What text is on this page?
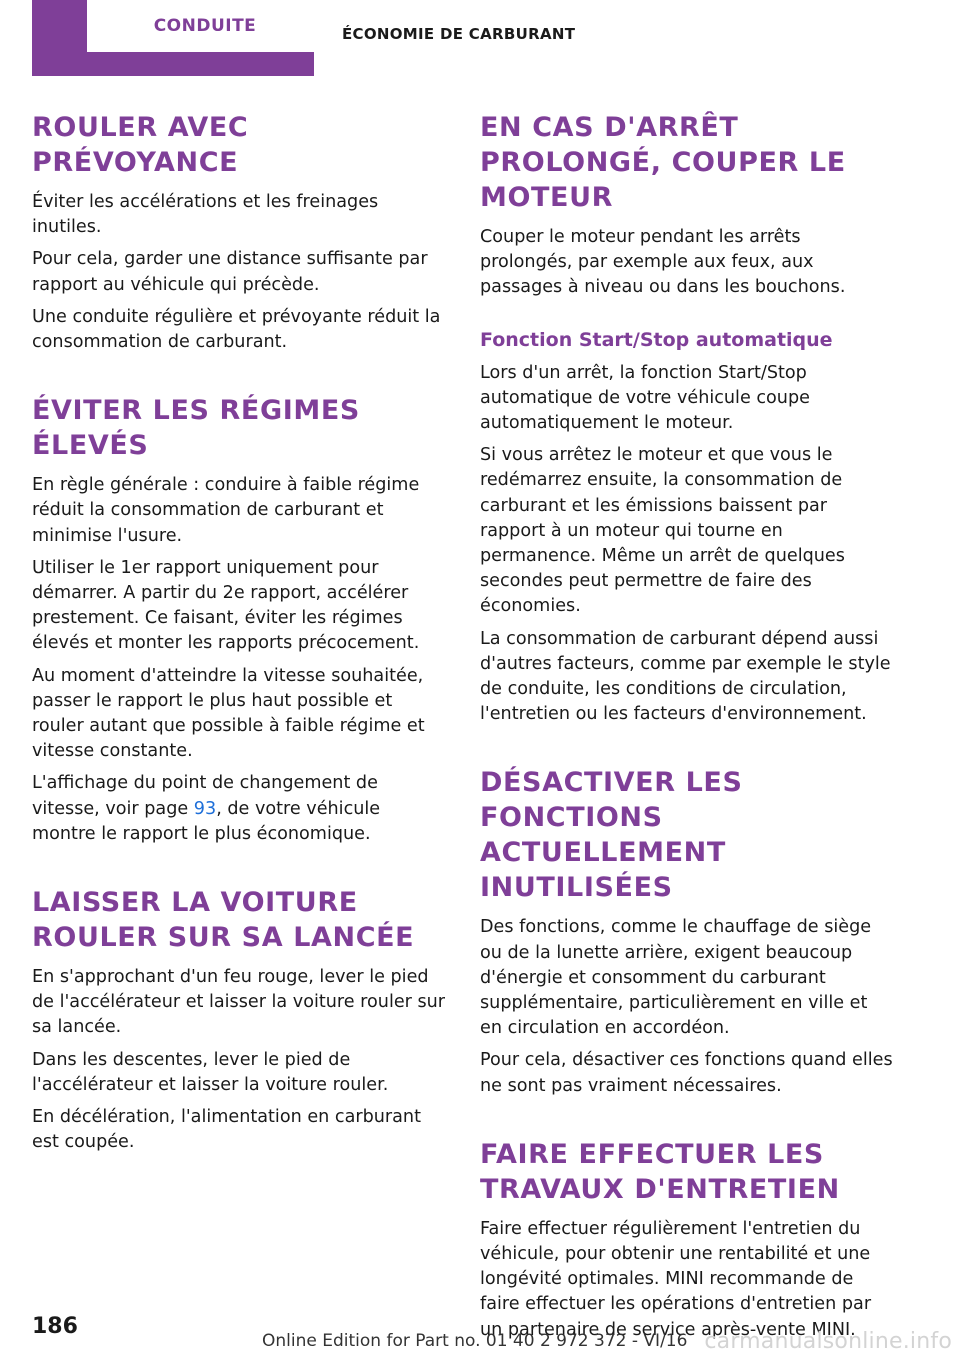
CONDUITE	ÉCONOMIE DE CARBURANT
ROULER AVEC PRÉVOYANCE

Éviter les accélérations et les freinages inutiles.

Pour cela, garder une distance suffisante par rapport au véhicule qui précède.

Une conduite régulière et prévoyante réduit la consommation de carburant.

ÉVITER LES RÉGIMES ÉLEVÉS

En règle générale : conduire à faible régime réduit la consommation de carburant et minimise l'usure.

Utiliser le 1er rapport uniquement pour démarrer. A partir du 2e rapport, accélérer prestement. Ce faisant, éviter les régimes élevés et monter les rapports précocement.

Au moment d'atteindre la vitesse souhaitée, passer le rapport le plus haut possible et rouler autant que possible à faible régime et vitesse constante.

L'affichage du point de changement de vitesse, voir page 93, de votre véhicule montre le rapport le plus économique.

LAISSER LA VOITURE ROULER SUR SA LANCÉE

En s'approchant d'un feu rouge, lever le pied de l'accélérateur et laisser la voiture rouler sur sa lancée.

Dans les descentes, lever le pied de l'accélérateur et laisser la voiture rouler.

En décélération, l'alimentation en carburant est coupée.

EN CAS D'ARRÊT PROLONGÉ, COUPER LE MOTEUR

Couper le moteur pendant les arrêts prolongés, par exemple aux feux, aux passages à niveau ou dans les bouchons.

Fonction Start/Stop automatique

Lors d'un arrêt, la fonction Start/Stop automatique de votre véhicule coupe automatiquement le moteur.

Si vous arrêtez le moteur et que vous le redémarrez ensuite, la consommation de carburant et les émissions baissent par rapport à un moteur qui tourne en permanence. Même un arrêt de quelques secondes peut permettre de faire des économies.

La consommation de carburant dépend aussi d'autres facteurs, comme par exemple le style de conduite, les conditions de circulation, l'entretien ou les facteurs d'environnement.

DÉSACTIVER LES FONCTIONS ACTUELLEMENT INUTILISÉES

Des fonctions, comme le chauffage de siège ou de la lunette arrière, exigent beaucoup d'énergie et consomment du carburant supplémentaire, particulièrement en ville et en circulation en accordéon.

Pour cela, désactiver ces fonctions quand elles ne sont pas vraiment nécessaires.

FAIRE EFFECTUER LES TRAVAUX D'ENTRETIEN

Faire effectuer régulièrement l'entretien du véhicule, pour obtenir une rentabilité et une longévité optimales. MINI recommande de faire effectuer les opérations d'entretien par un partenaire de service après-vente MINI.

186
Online Edition for Part no. 01 40 2 972 372 - VI/16 carmanualsonline.info
